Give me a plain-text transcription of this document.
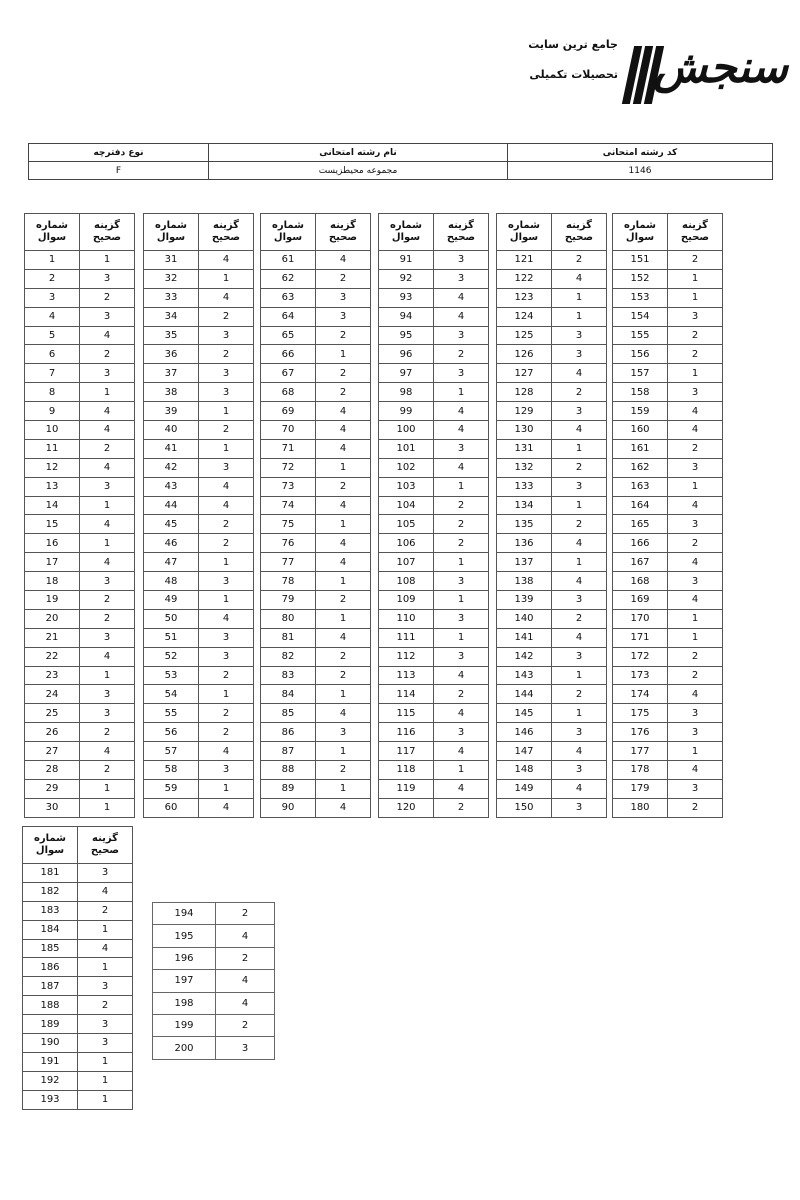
جامع ترین سایت
تحصیلات تکمیلی سنجش
کد رشته امتحانی	نام رشته امتحانی	نوع دفترچه
1146	مجموعه محیطزیست	F
شماره سوال	گزینه صحیح
1	1
2	3
3	2
4	3
5	4
6	2
7	3
8	1
9	4
10	4
11	2
12	4
13	3
14	1
15	4
16	1
17	4
18	3
19	2
20	2
21	3
22	4
23	1
24	3
25	3
26	2
27	4
28	2
29	1
30	1
شماره سوال	گزینه صحیح
31	4
32	1
33	4
34	2
35	3
36	2
37	3
38	3
39	1
40	2
41	1
42	3
43	4
44	4
45	2
46	2
47	1
48	3
49	1
50	4
51	3
52	3
53	2
54	1
55	2
56	2
57	4
58	3
59	1
60	4
شماره سوال	گزینه صحیح
61	4
62	2
63	3
64	3
65	2
66	1
67	2
68	2
69	4
70	4
71	4
72	1
73	2
74	4
75	1
76	4
77	4
78	1
79	2
80	1
81	4
82	2
83	2
84	1
85	4
86	3
87	1
88	2
89	1
90	4
شماره سوال	گزینه صحیح
91	3
92	3
93	4
94	4
95	3
96	2
97	3
98	1
99	4
100	4
101	3
102	4
103	1
104	2
105	2
106	2
107	1
108	3
109	1
110	3
111	1
112	3
113	4
114	2
115	4
116	3
117	4
118	1
119	4
120	2
شماره سوال	گزینه صحیح
121	2
122	4
123	1
124	1
125	3
126	3
127	4
128	2
129	3
130	4
131	1
132	2
133	3
134	1
135	2
136	4
137	1
138	4
139	3
140	2
141	4
142	3
143	1
144	2
145	1
146	3
147	4
148	3
149	4
150	3
شماره سوال	گزینه صحیح
151	2
152	1
153	1
154	3
155	2
156	2
157	1
158	3
159	4
160	4
161	2
162	3
163	1
164	4
165	3
166	2
167	4
168	3
169	4
170	1
171	1
172	2
173	2
174	4
175	3
176	3
177	1
178	4
179	3
180	2
شماره سوال	گزینه صحیح
181	3
182	4
183	2
184	1
185	4
186	1
187	3
188	2
189	3
190	3
191	1
192	1
193	1
194	2
195	4
196	2
197	4
198	4
199	2
200	3
